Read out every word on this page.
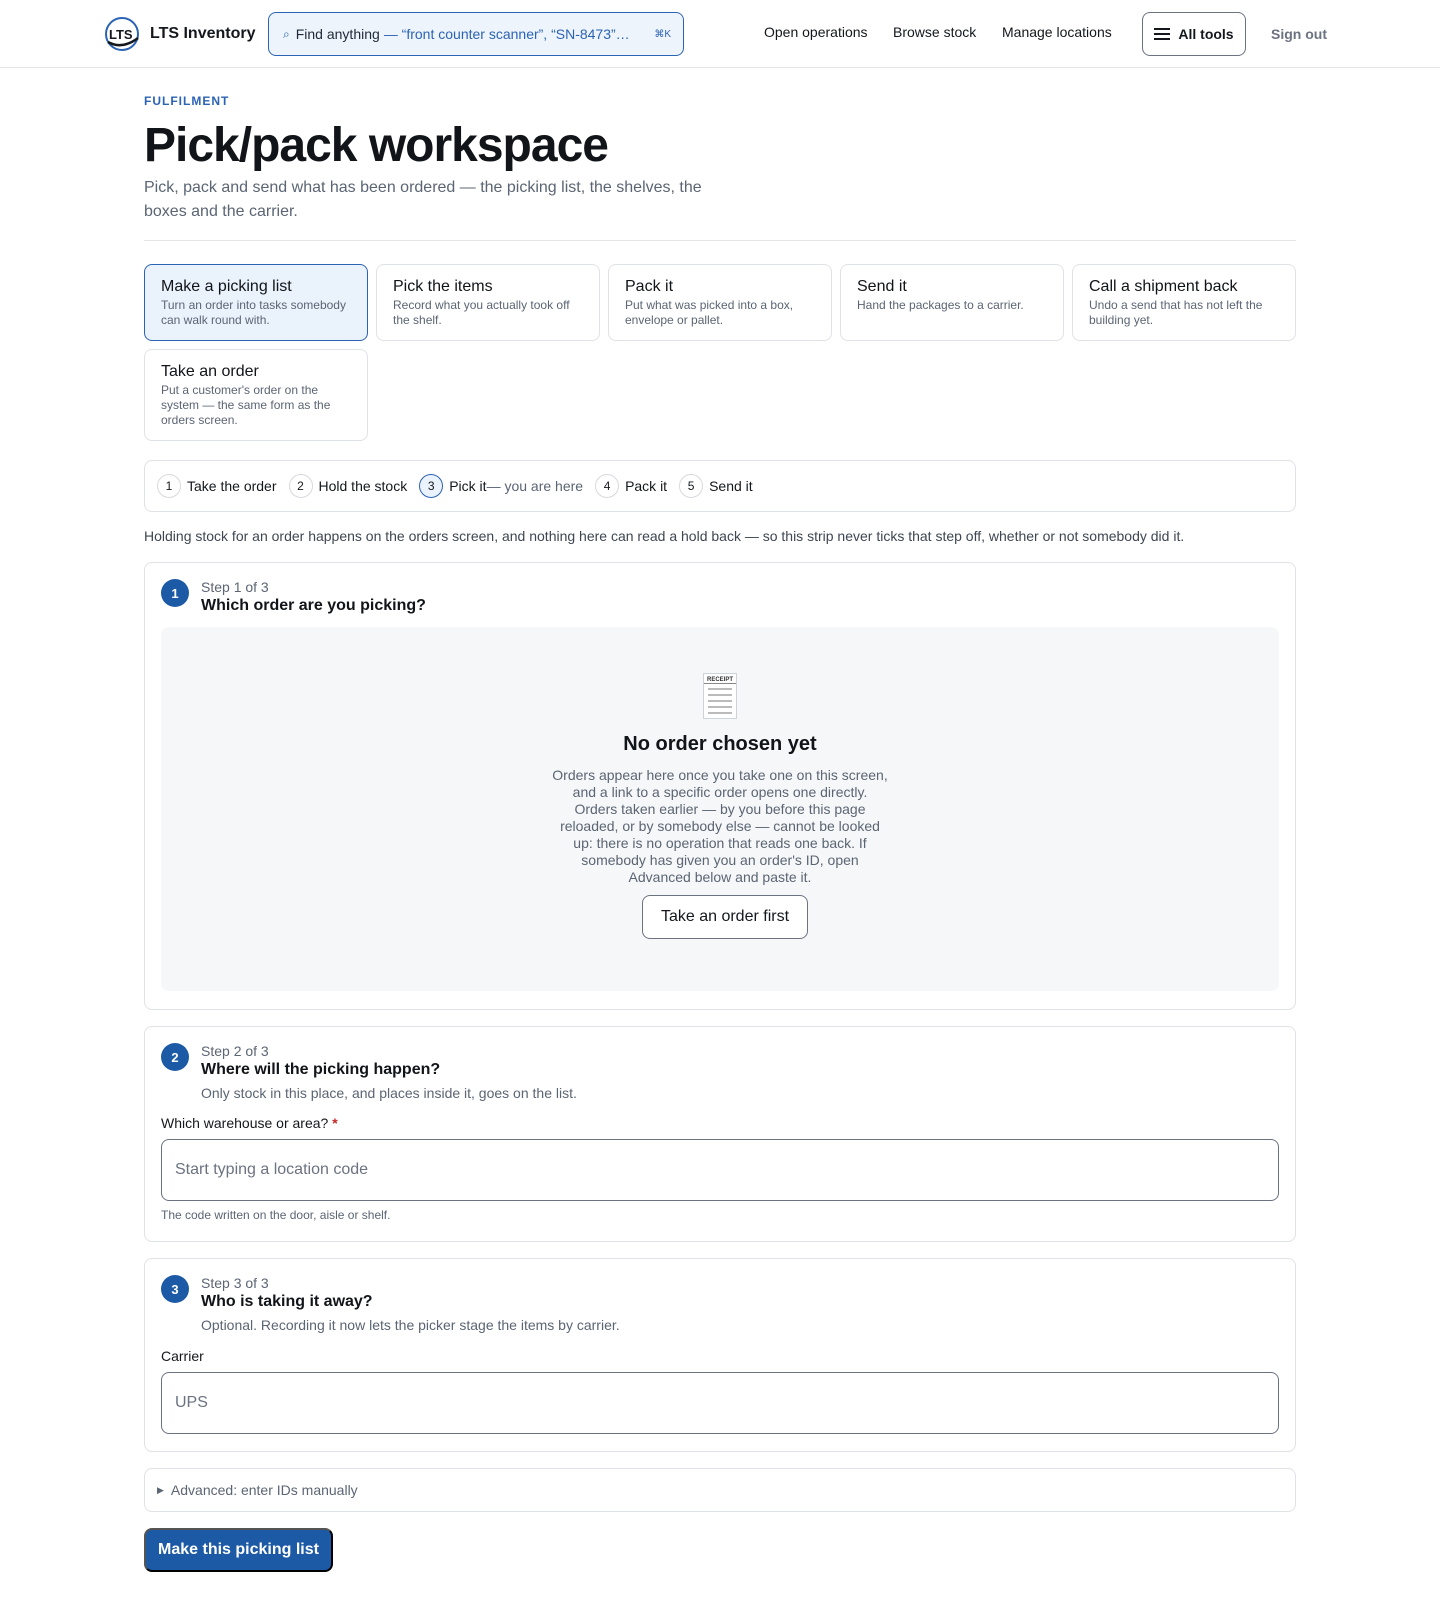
LTS LTS Inventory ⌕ Find anything — “front counter scanner”, “SN-8473”…	⌘K	Open operations Browse stock Manage locations	All tools	Sign out
FULFILMENT
Pick/pack workspace

Pick, pack and send what has been ordered — the picking list, the shelves, the boxes and the carrier.

Make a picking list
Turn an order into tasks somebody can walk round with.
Pick the items
Record what you actually took off the shelf.
Pack it
Put what was picked into a box, envelope or pallet.
Send it
Hand the packages to a carrier.
Call a shipment back
Undo a send that has not left the building yet.
Take an order
Put a customer's order on the system — the same form as the orders screen.
1	Take the order	2	Hold the stock	3	Pick it — you are here	4	Pack it	5	Send it

Holding stock for an order happens on the orders screen, and nothing here can read a hold back — so this strip never ticks that step off, whether or not somebody did it.

1	Step 1 of 3
Which order are you picking?
RECEIPT
No order chosen yet

Orders appear here once you take one on this screen, and a link to a specific order opens one directly. Orders taken earlier — by you before this page reloaded, or by somebody else — cannot be looked up: there is no operation that reads one back. If somebody has given you an order's ID, open Advanced below and paste it.

Take an order first
2	Step 2 of 3
Where will the picking happen?
Only stock in this place, and places inside it, goes on the list.
Which warehouse or area? *
Start typing a location code
The code written on the door, aisle or shelf.
3	Step 3 of 3
Who is taking it away?
Optional. Recording it now lets the picker stage the items by carrier.
Carrier
UPS
▶ Advanced: enter IDs manually
Make this picking list
